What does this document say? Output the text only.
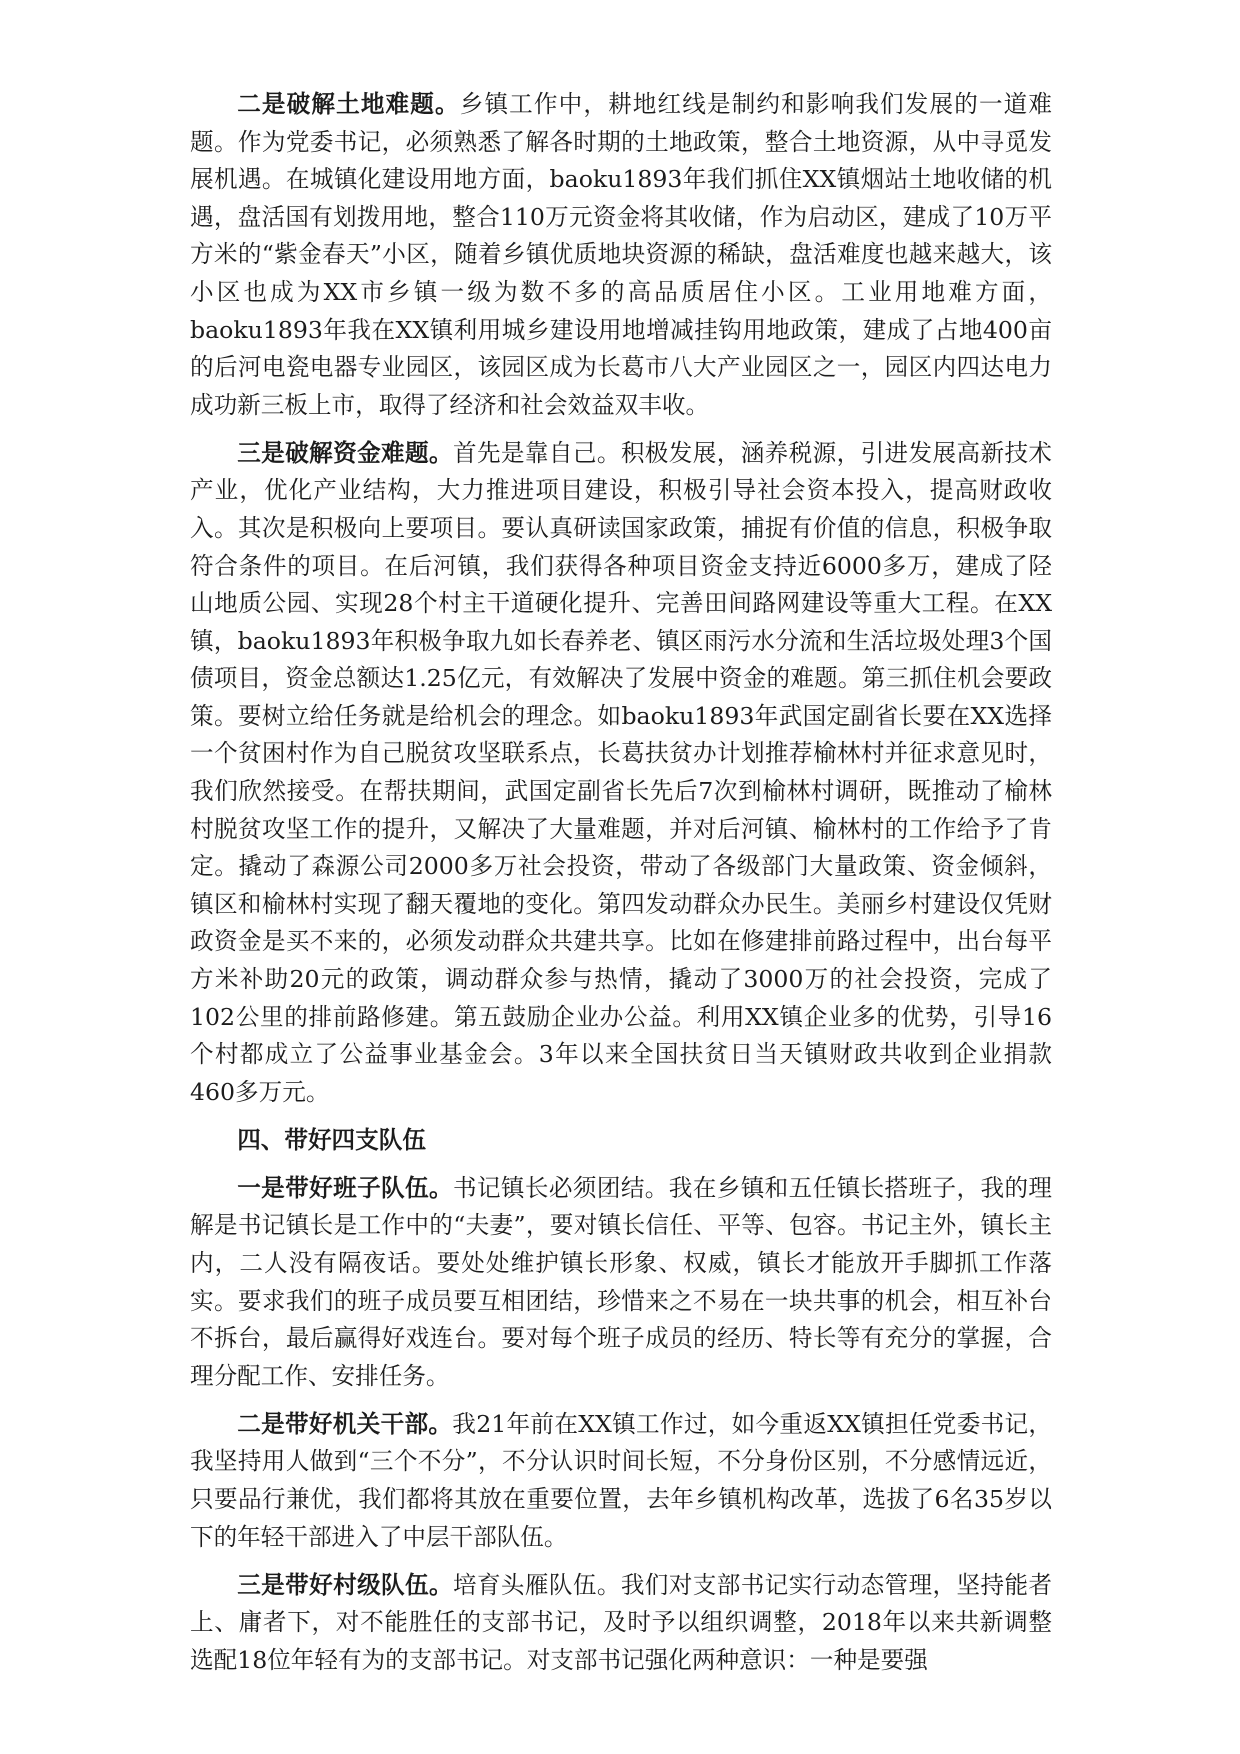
二是破解土地难题。乡镇工作中，耕地红线是制约和影响我们发展的一道难题。作为党委书记，必须熟悉了解各时期的土地政策，整合土地资源，从中寻觅发展机遇。在城镇化建设用地方面，baoku1893年我们抓住XX镇烟站土地收储的机遇，盘活国有划拨用地，整合110万元资金将其收储，作为启动区，建成了10万平方米的“紫金春天”小区，随着乡镇优质地块资源的稀缺，盘活难度也越来越大，该小区也成为XX市乡镇一级为数不多的高品质居住小区。工业用地难方面，baoku1893年我在XX镇利用城乡建设用地增减挂钩用地政策，建成了占地400亩的后河电瓷电器专业园区，该园区成为长葛市八大产业园区之一，园区内四达电力成功新三板上市，取得了经济和社会效益双丰收。

三是破解资金难题。首先是靠自己。积极发展，涵养税源，引进发展高新技术产业，优化产业结构，大力推进项目建设，积极引导社会资本投入，提高财政收入。其次是积极向上要项目。要认真研读国家政策，捕捉有价值的信息，积极争取符合条件的项目。在后河镇，我们获得各种项目资金支持近6000多万，建成了陉山地质公园、实现28个村主干道硬化提升、完善田间路网建设等重大工程。在XX镇，baoku1893年积极争取九如长春养老、镇区雨污水分流和生活垃圾处理3个国债项目，资金总额达1.25亿元，有效解决了发展中资金的难题。第三抓住机会要政策。要树立给任务就是给机会的理念。如baoku1893年武国定副省长要在XX选择一个贫困村作为自己脱贫攻坚联系点，长葛扶贫办计划推荐榆林村并征求意见时，我们欣然接受。在帮扶期间，武国定副省长先后7次到榆林村调研，既推动了榆林村脱贫攻坚工作的提升，又解决了大量难题，并对后河镇、榆林村的工作给予了肯定。撬动了森源公司2000多万社会投资，带动了各级部门大量政策、资金倾斜，镇区和榆林村实现了翻天覆地的变化。第四发动群众办民生。美丽乡村建设仅凭财政资金是买不来的，必须发动群众共建共享。比如在修建排前路过程中，出台每平方米补助20元的政策，调动群众参与热情，撬动了3000万的社会投资，完成了102公里的排前路修建。第五鼓励企业办公益。利用XX镇企业多的优势，引导16个村都成立了公益事业基金会。3年以来全国扶贫日当天镇财政共收到企业捐款460多万元。

四、带好四支队伍

一是带好班子队伍。书记镇长必须团结。我在乡镇和五任镇长搭班子，我的理解是书记镇长是工作中的“夫妻”，要对镇长信任、平等、包容。书记主外，镇长主内，二人没有隔夜话。要处处维护镇长形象、权威，镇长才能放开手脚抓工作落实。要求我们的班子成员要互相团结，珍惜来之不易在一块共事的机会，相互补台不拆台，最后赢得好戏连台。要对每个班子成员的经历、特长等有充分的掌握，合理分配工作、安排任务。

二是带好机关干部。我21年前在XX镇工作过，如今重返XX镇担任党委书记，我坚持用人做到“三个不分”，不分认识时间长短，不分身份区别，不分感情远近，只要品行兼优，我们都将其放在重要位置，去年乡镇机构改革，选拔了6名35岁以下的年轻干部进入了中层干部队伍。

三是带好村级队伍。培育头雁队伍。我们对支部书记实行动态管理，坚持能者上、庸者下，对不能胜任的支部书记，及时予以组织调整，2018年以来共新调整选配18位年轻有为的支部书记。对支部书记强化两种意识：一种是要强
